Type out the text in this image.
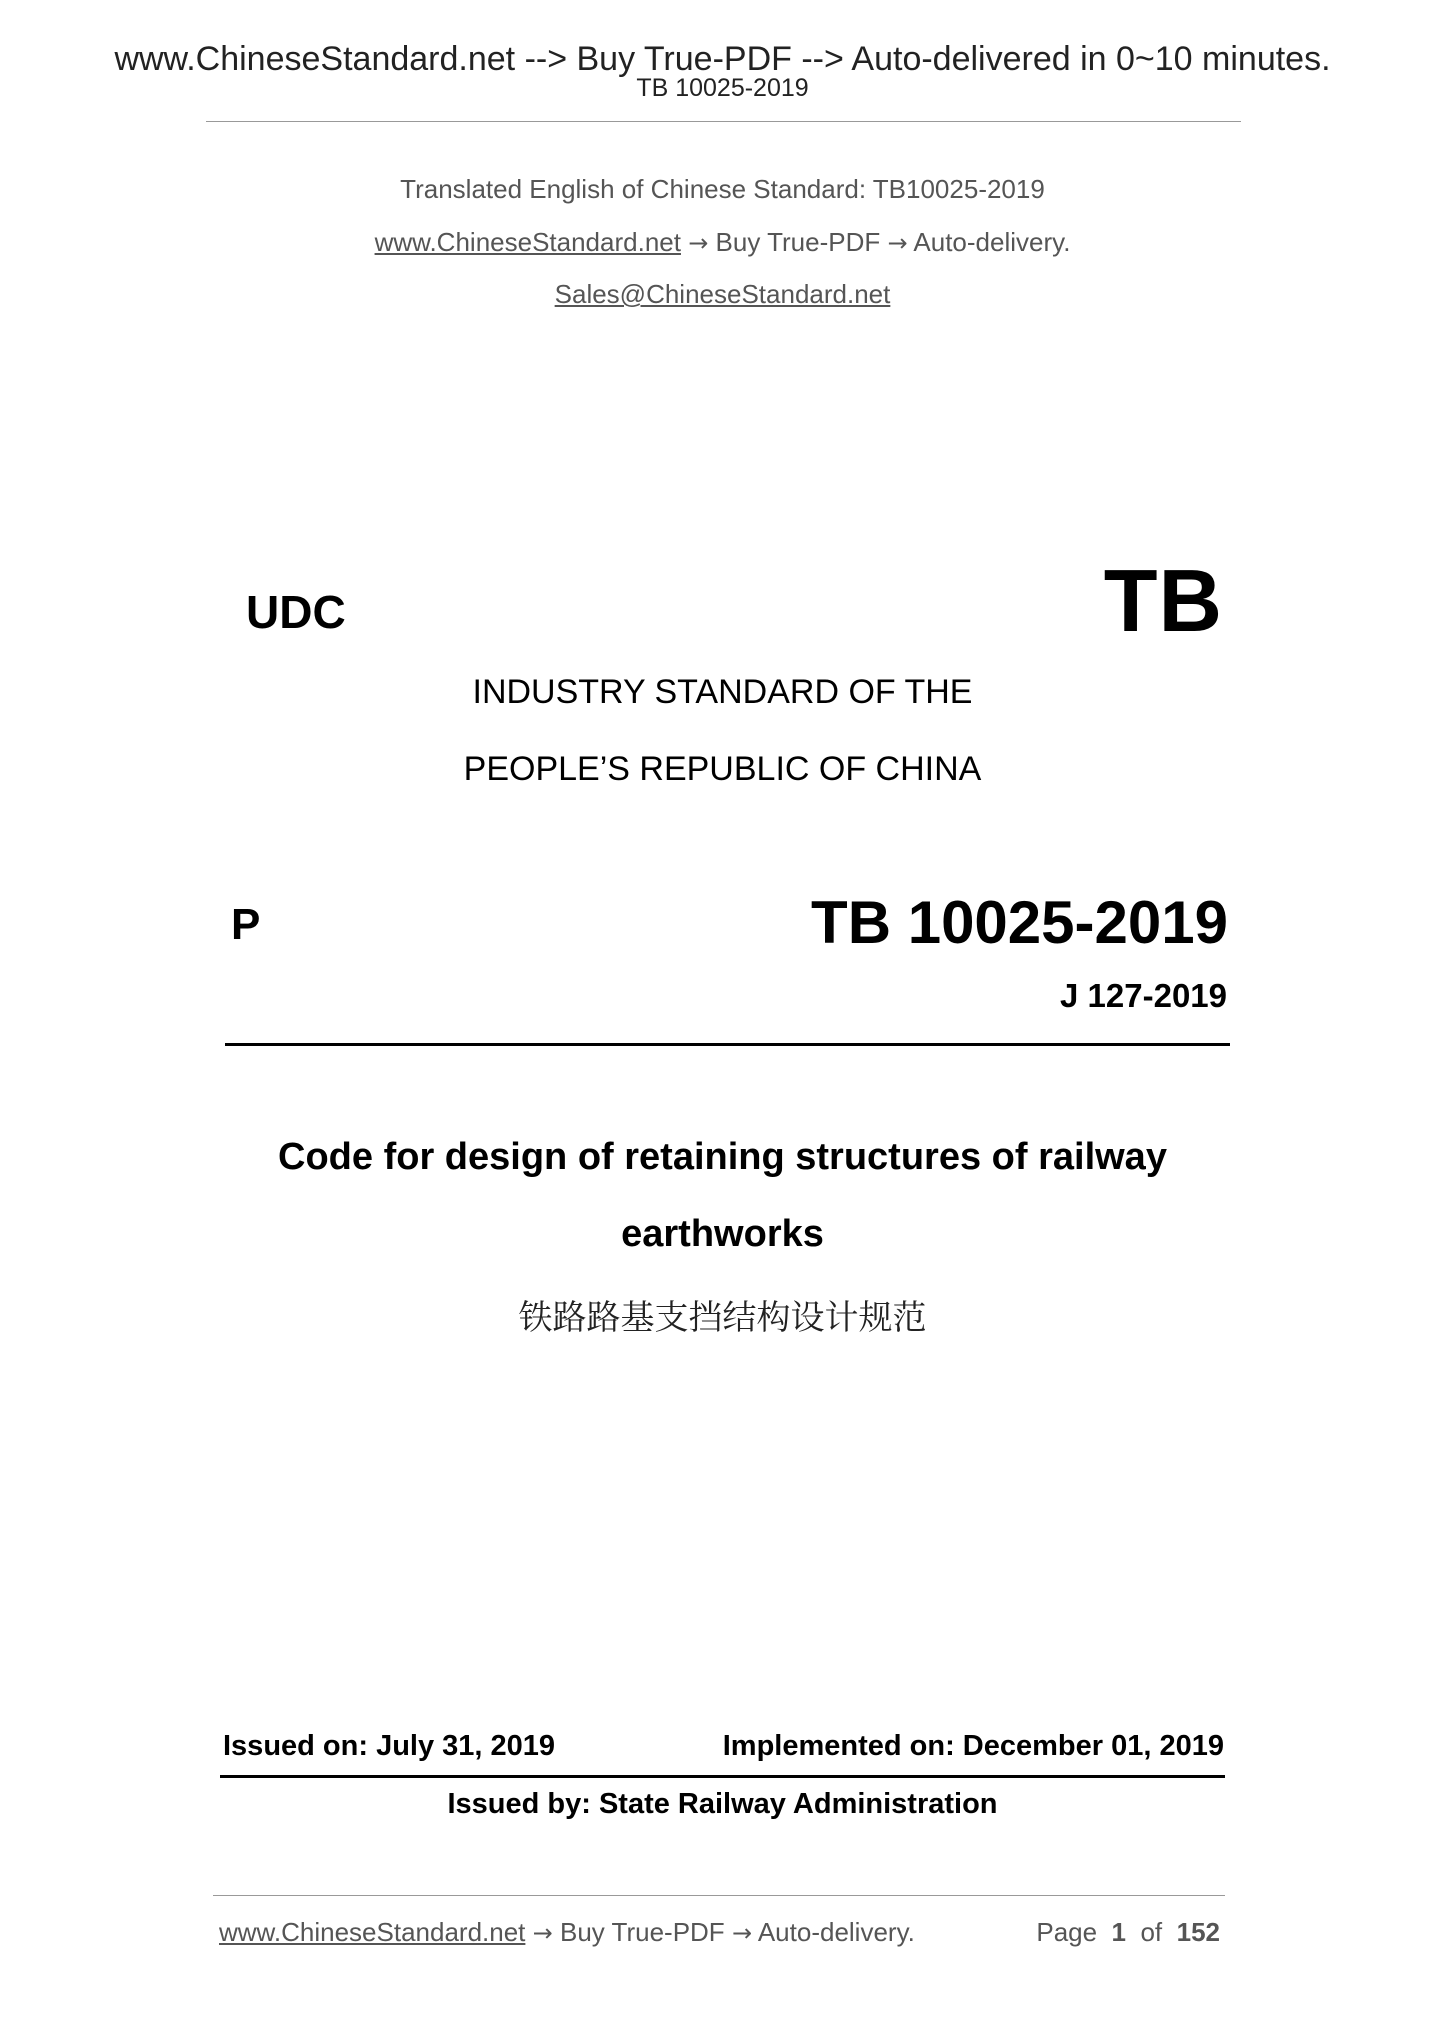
www.ChineseStandard.net --> Buy True-PDF --> Auto-delivered in 0~10 minutes.
TB 10025-2019
Translated English of Chinese Standard: TB10025-2019
www.ChineseStandard.net → Buy True-PDF → Auto-delivery.
Sales@ChineseStandard.net
UDC	TB
INDUSTRY STANDARD OF THE
PEOPLE’S REPUBLIC OF CHINA
P	TB 10025-2019
J 127-2019
Code for design of retaining structures of railway
earthworks
铁路路基支挡结构设计规范
Issued on: July 31, 2019	Implemented on: December 01, 2019
Issued by: State Railway Administration
www.ChineseStandard.net → Buy True-PDF → Auto-delivery.	Page 1 of 152
